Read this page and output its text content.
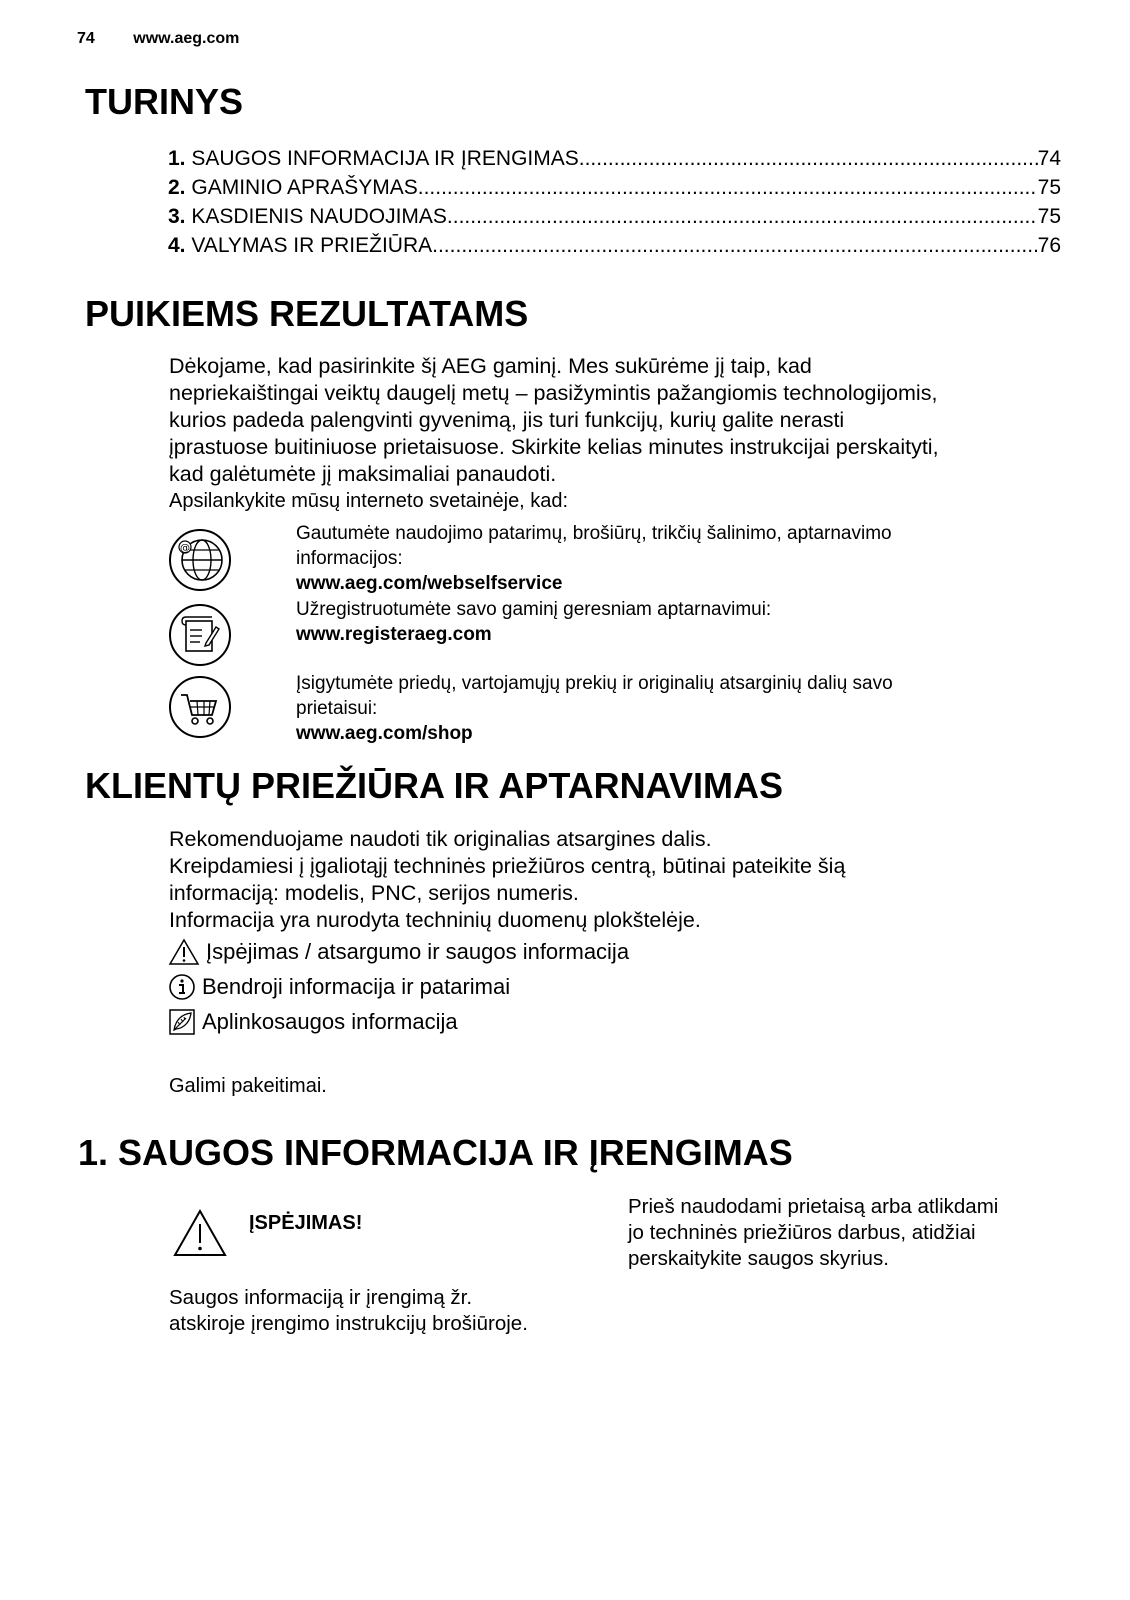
74 www.aeg.com
TURINYS
1.
SAUGOS INFORMACIJA IR ĮRENGIMAS .....	74
2.
GAMINIO APRAŠYMAS .....	75
3.
KASDIENIS NAUDOJIMAS .....	75
4.
VALYMAS IR PRIEŽIŪRA .....	76
PUIKIEMS REZULTATAMS
Dėkojame, kad pasirinkite šį AEG gaminį. Mes sukūrėme jį taip, kad
nepriekaištingai veiktų daugelį metų – pasižymintis pažangiomis technologijomis,
kurios padeda palengvinti gyvenimą, jis turi funkcijų, kurių galite nerasti
įprastuose buitiniuose prietaisuose. Skirkite kelias minutes instrukcijai perskaityti,
kad galėtumėte jį maksimaliai panaudoti.
Apsilankykite mūsų interneto svetainėje, kad:
@
Gautumėte naudojimo patarimų, brošiūrų, trikčių šalinimo, aptarnavimo
informacijos:
www.aeg.com/webselfservice
Užregistruotumėte savo gaminį geresniam aptarnavimui:
www.registeraeg.com
Įsigytumėte priedų, vartojamųjų prekių ir originalių atsarginių dalių savo
prietaisui:
www.aeg.com/shop
KLIENTŲ PRIEŽIŪRA IR APTARNAVIMAS
Rekomenduojame naudoti tik originalias atsargines dalis.
Kreipdamiesi į įgaliotąjį techninės priežiūros centrą, būtinai pateikite šią
informaciją: modelis, PNC, serijos numeris.
Informacija yra nurodyta techninių duomenų plokštelėje.
Įspėjimas / atsargumo ir saugos informacija
Bendroji informacija ir patarimai
Aplinkosaugos informacija
Galimi pakeitimai.
1. SAUGOS INFORMACIJA IR ĮRENGIMAS
ĮSPĖJIMAS!
Saugos informaciją ir įrengimą žr.
atskiroje įrengimo instrukcijų brošiūroje.
Prieš naudodami prietaisą arba atlikdami
jo techninės priežiūros darbus, atidžiai
perskaitykite saugos skyrius.
